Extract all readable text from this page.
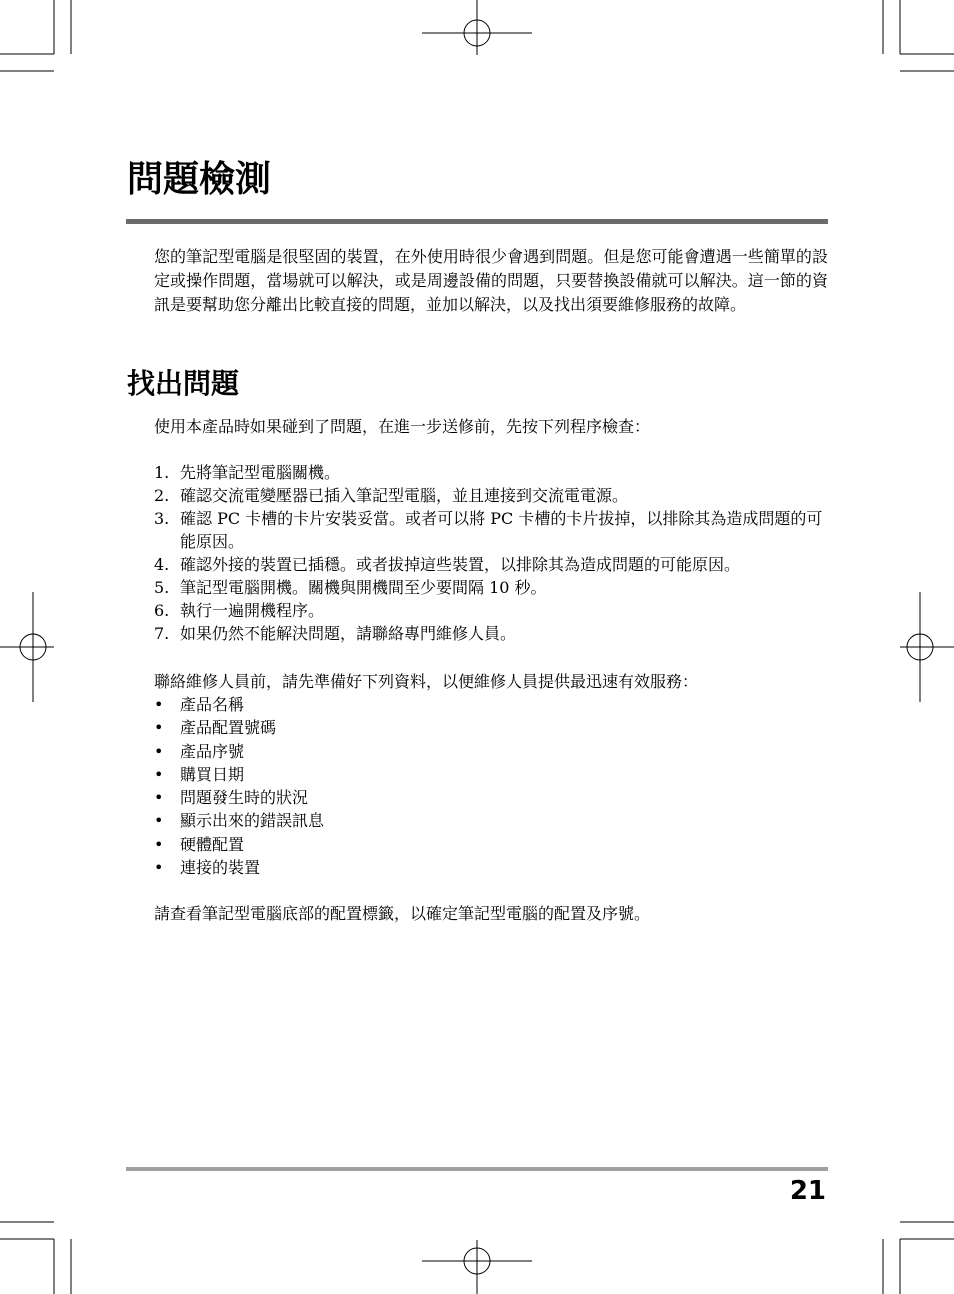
問題檢測

您的筆記型電腦是很堅固的裝置，在外使用時很少會遇到問題。但是您可能會遭遇一些簡單的設定或操作問題，當場就可以解決，或是周邊設備的問題，只要替換設備就可以解決。這一節的資訊是要幫助您分離出比較直接的問題，並加以解決，以及找出須要維修服務的故障。

找出問題

使用本產品時如果碰到了問題，在進一步送修前，先按下列程序檢查：

1. 先將筆記型電腦關機。
2. 確認交流電變壓器已插入筆記型電腦，並且連接到交流電電源。
3. 確認 PC 卡槽的卡片安裝妥當。或者可以將 PC 卡槽的卡片拔掉，以排除其為造成問題的可能原因。
4. 確認外接的裝置已插穩。或者拔掉這些裝置，以排除其為造成問題的可能原因。
5. 筆記型電腦開機。關機與開機間至少要間隔 10 秒。
6. 執行一遍開機程序。
7. 如果仍然不能解決問題，請聯絡專門維修人員。

聯絡維修人員前，請先準備好下列資料，以便維修人員提供最迅速有效服務：

•	產品名稱
•	產品配置號碼
•	產品序號
•	購買日期
•	問題發生時的狀況
•	顯示出來的錯誤訊息
•	硬體配置
•	連接的裝置

請查看筆記型電腦底部的配置標籤，以確定筆記型電腦的配置及序號。

21
